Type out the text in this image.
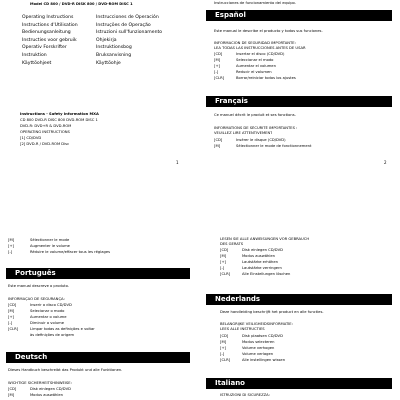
Model CD 800 / DVD-R DISK 800 / DVD-ROM DISC 1
Operating Instructions	Instrucciones de Operación
Instructions d'Utilisation	Instruções de Operação
Bedienungsanleitung	Istruzioni sull'funzionamento
Instructies voor gebruik	Ohjekirja
Operativ Forskrifter	Instruktionsbog
Instruktion	Bruksanvisning
Käyttöohjeet	Käyttöohje
Instructions - Safety Information MXA
CD 800 DVD-R DISC 800 DVD-ROM DISC 1
DVD-R: DVD+R & DVD-ROM
OPERATING INSTRUCTIONS
[1] CD/DVD
[2] DVD-R / DVD-ROM Disc
1
Instrucciones de funcionamiento del equipo.
Español
Este manual le describe el producto y todos sus funciones.
INFORMACIÓN DE SEGURIDAD IMPORTANTE:
LEA TODAS LAS INSTRUCCIONES ANTES DE USAR
[CD]	Insertar el disco (CD/DVD)
[M]	Seleccionar el modo
[+]	Aumentar el volumen
[-]	Reducir el volumen
[CLR]	Borrar/reiniciar todos los ajustes
Français
Ce manuel décrit le produit et ses fonctions.
INFORMATIONS DE SÉCURITÉ IMPORTANTES :
VEUILLEZ LIRE ATTENTIVEMENT
[CD]	Insérer le disque (CD/DVD)
[M]	Sélectionner le mode de fonctionnement
2
[M]	Sélectionner le mode
[+]	Augmenter le volume
[-]	Réduire le volume/effacer tous les réglages
Português
Este manual descreve o produto.
INFORMAÇÃO DE SEGURANÇA:
[CD]	Inserir o disco CD/DVD
[M]	Selecionar o modo
[+]	Aumentar o volume
[-]	Diminuir o volume
[CLR]	Limpar todas as definições e voltar
às definições de origem
Deutsch
Dieses Handbuch beschreibt das Produkt und alle Funktionen.
WICHTIGE SICHERHEITSHINWEISE:
[CD]	Disk einlegen CD/DVD
[M]	Modus auswählen
LESEN SIE ALLE ANWEISUNGEN VOR GEBRAUCH
DES GERÄTS
[CD]	Disk einlegen CD/DVD
[M]	Modus auswählen
[+]	Lautstärke erhöhen
[-]	Lautstärke verringern
[CLR]	Alle Einstellungen löschen
Nederlands
Deze handleiding beschrijft het product en alle functies.
BELANGRIJKE VEILIGHEIDSINFORMATIE:
LEES ALLE INSTRUCTIES
[CD]	Disk plaatsen CD/DVD
[M]	Modus selecteren
[+]	Volume verhogen
[-]	Volume verlagen
[CLR]	Alle instellingen wissen
Italiano
ISTRUZIONI DI SICUREZZA:
